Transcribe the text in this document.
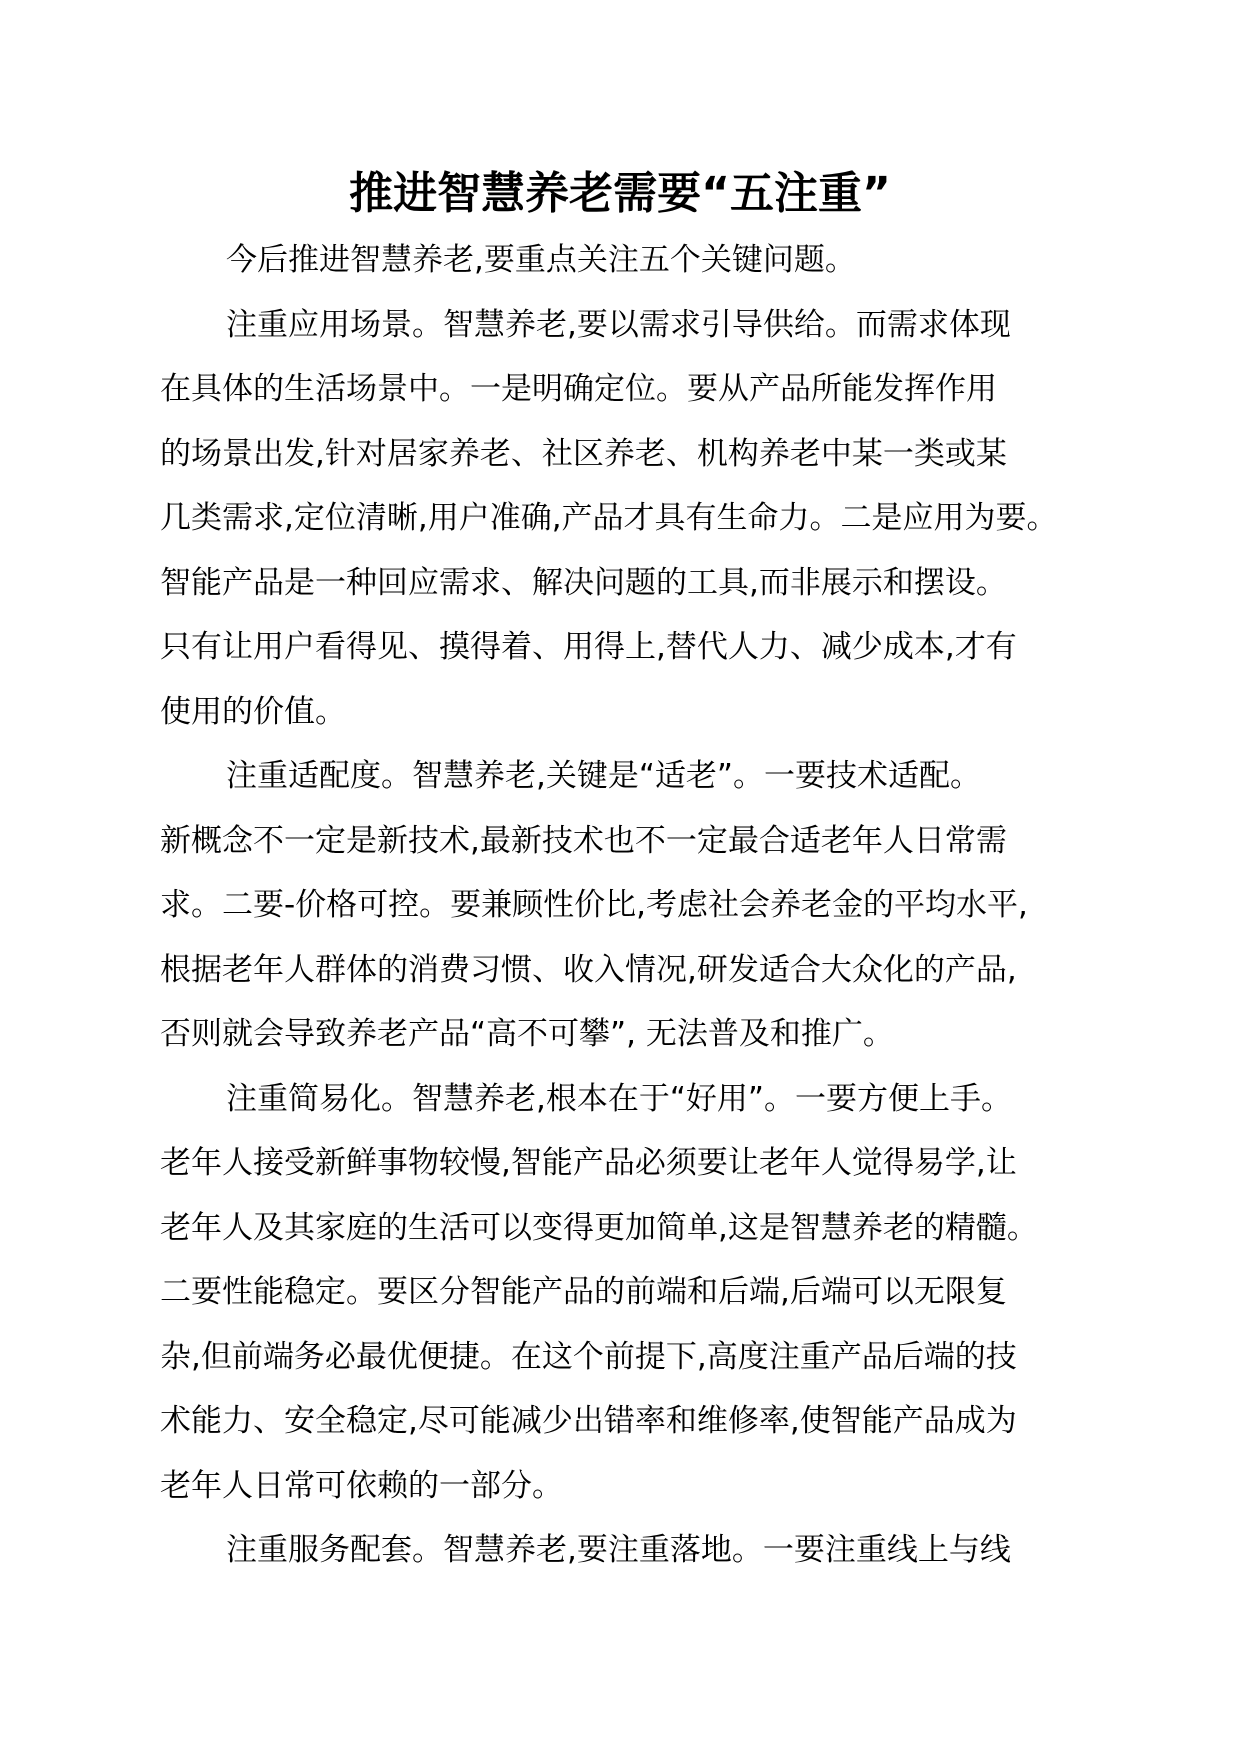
推进智慧养老需要“五注重”

今后推进智慧养老,要重点关注五个关键问题。

注重应用场景。智慧养老,要以需求引导供给。而需求体现
在具体的生活场景中。一是明确定位。要从产品所能发挥作用
的场景出发,针对居家养老、社区养老、机构养老中某一类或某
几类需求,定位清晰,用户准确,产品才具有生命力。二是应用为要。
智能产品是一种回应需求、解决问题的工具,而非展示和摆设。
只有让用户看得见、摸得着、用得上,替代人力、减少成本,才有
使用的价值。

注重适配度。智慧养老,关键是“适老”。一要技术适配。
新概念不一定是新技术,最新技术也不一定最合适老年人日常需
求。二要-价格可控。要兼顾性价比,考虑社会养老金的平均水平,
根据老年人群体的消费习惯、收入情况,研发适合大众化的产品,
否则就会导致养老产品“高不可攀”, 无法普及和推广。

注重简易化。智慧养老,根本在于“好用”。一要方便上手。
老年人接受新鲜事物较慢,智能产品必须要让老年人觉得易学,让
老年人及其家庭的生活可以变得更加简单,这是智慧养老的精髓。
二要性能稳定。要区分智能产品的前端和后端,后端可以无限复
杂,但前端务必最优便捷。在这个前提下,高度注重产品后端的技
术能力、安全稳定,尽可能减少出错率和维修率,使智能产品成为
老年人日常可依赖的一部分。

注重服务配套。智慧养老,要注重落地。一要注重线上与线
